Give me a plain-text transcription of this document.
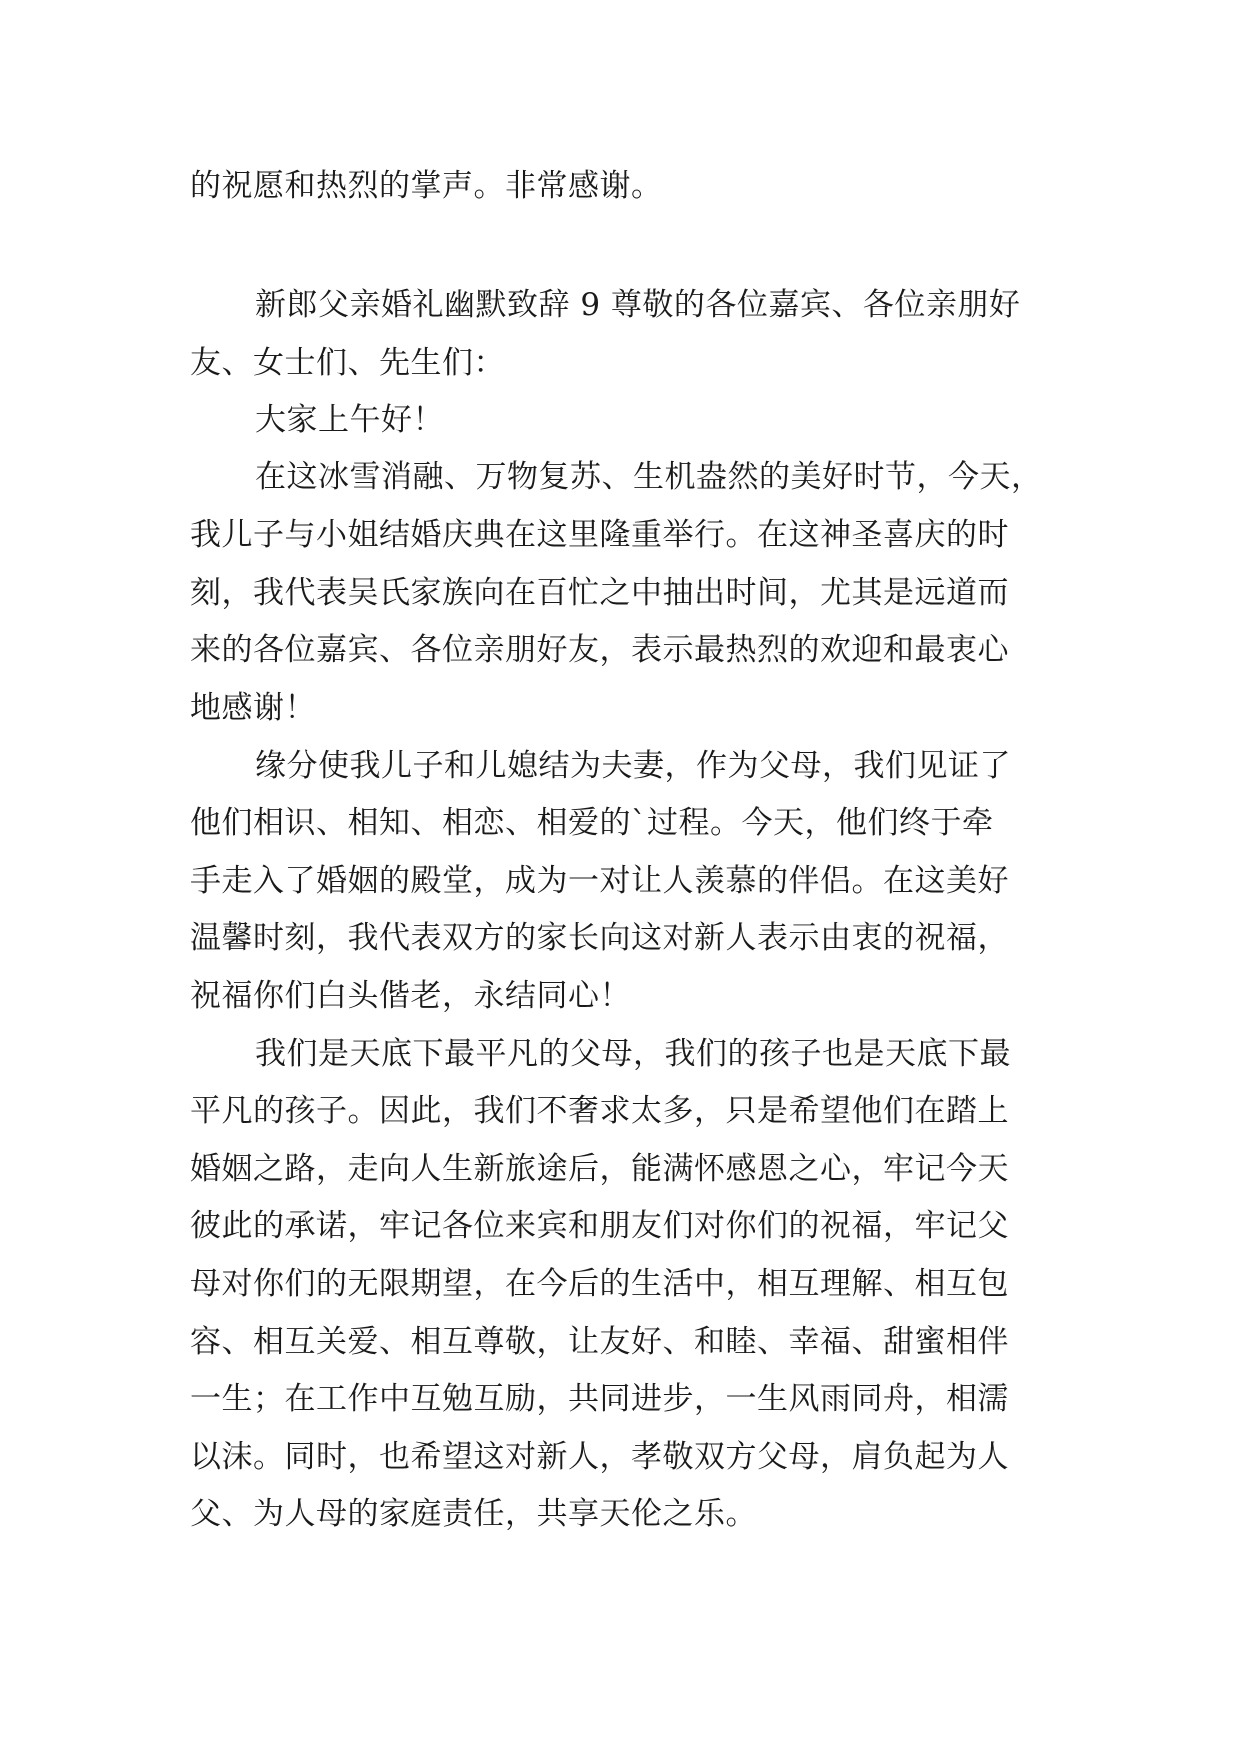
的祝愿和热烈的掌声。非常感谢。

新郎父亲婚礼幽默致辞 9 尊敬的各位嘉宾、各位亲朋好

友、女士们、先生们：

大家上午好！

在这冰雪消融、万物复苏、生机盎然的美好时节，今天，

我儿子与小姐结婚庆典在这里隆重举行。在这神圣喜庆的时

刻，我代表吴氏家族向在百忙之中抽出时间，尤其是远道而

来的各位嘉宾、各位亲朋好友，表示最热烈的欢迎和最衷心

地感谢！

缘分使我儿子和儿媳结为夫妻，作为父母，我们见证了

他们相识、相知、相恋、相爱的`过程。今天，他们终于牵

手走入了婚姻的殿堂，成为一对让人羡慕的伴侣。在这美好

温馨时刻，我代表双方的家长向这对新人表示由衷的祝福，

祝福你们白头偕老，永结同心！

我们是天底下最平凡的父母，我们的孩子也是天底下最

平凡的孩子。因此，我们不奢求太多，只是希望他们在踏上

婚姻之路，走向人生新旅途后，能满怀感恩之心，牢记今天

彼此的承诺，牢记各位来宾和朋友们对你们的祝福，牢记父

母对你们的无限期望，在今后的生活中，相互理解、相互包

容、相互关爱、相互尊敬，让友好、和睦、幸福、甜蜜相伴

一生；在工作中互勉互励，共同进步，一生风雨同舟，相濡

以沫。同时，也希望这对新人，孝敬双方父母，肩负起为人

父、为人母的家庭责任，共享天伦之乐。
